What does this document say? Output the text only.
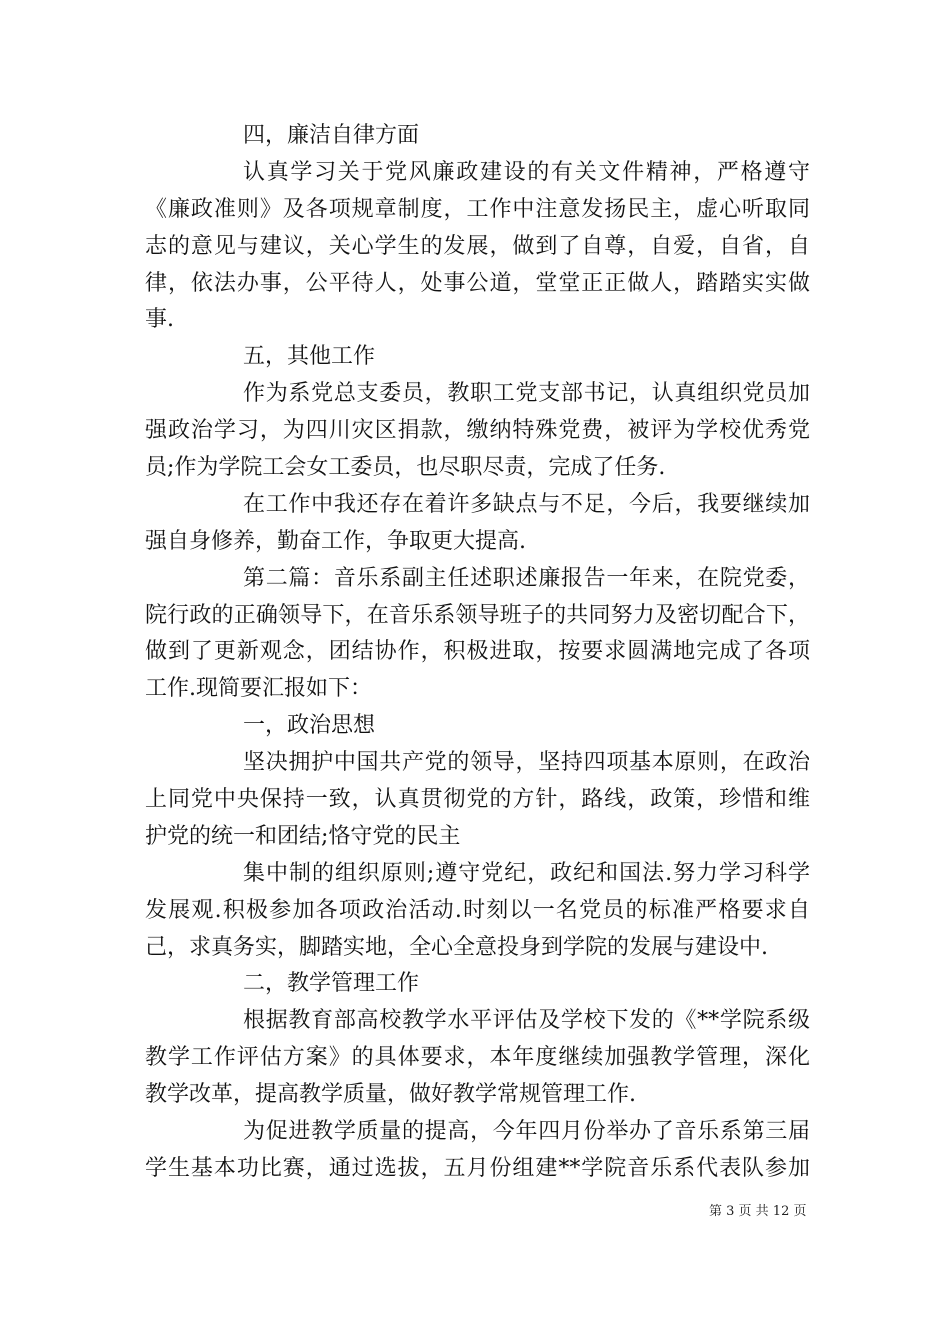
四，廉洁自律方面
认真学习关于党风廉政建设的有关文件精神，严格遵守
《廉政准则》及各项规章制度，工作中注意发扬民主，虚心听取同
志的意见与建议，关心学生的发展，做到了自尊，自爱，自省，自
律，依法办事，公平待人，处事公道，堂堂正正做人，踏踏实实做
事.
五，其他工作
作为系党总支委员，教职工党支部书记，认真组织党员加
强政治学习，为四川灾区捐款，缴纳特殊党费，被评为学校优秀党
员;作为学院工会女工委员，也尽职尽责，完成了任务.
在工作中我还存在着许多缺点与不足，今后，我要继续加
强自身修养，勤奋工作，争取更大提高.
第二篇：音乐系副主任述职述廉报告一年来，在院党委，
院行政的正确领导下，在音乐系领导班子的共同努力及密切配合下，
做到了更新观念，团结协作，积极进取，按要求圆满地完成了各项
工作.现简要汇报如下：
一，政治思想
坚决拥护中国共产党的领导，坚持四项基本原则，在政治
上同党中央保持一致，认真贯彻党的方针，路线，政策，珍惜和维
护党的统一和团结;恪守党的民主
集中制的组织原则;遵守党纪，政纪和国法.努力学习科学
发展观.积极参加各项政治活动.时刻以一名党员的标准严格要求自
己，求真务实，脚踏实地，全心全意投身到学院的发展与建设中.
二，教学管理工作
根据教育部高校教学水平评估及学校下发的《**学院系级
教学工作评估方案》的具体要求，本年度继续加强教学管理，深化
教学改革，提高教学质量，做好教学常规管理工作.
为促进教学质量的提高，今年四月份举办了音乐系第三届
学生基本功比赛，通过选拔，五月份组建**学院音乐系代表队参加
第 3 页 共 12 页
